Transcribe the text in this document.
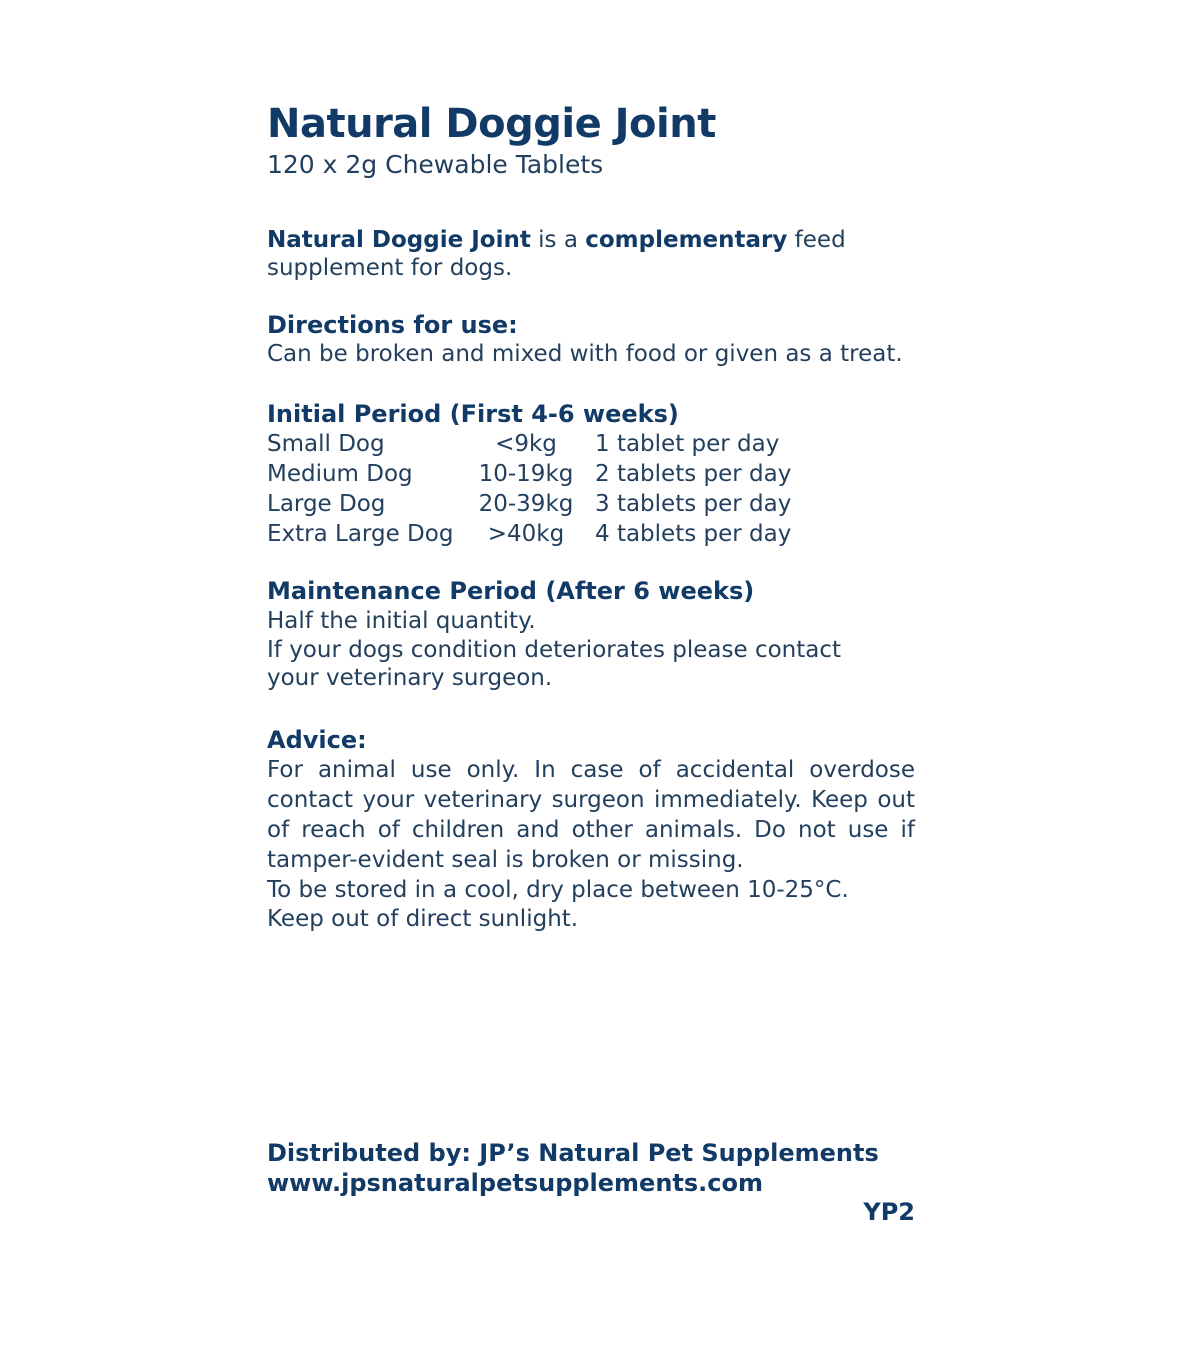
Natural Doggie Joint

120 x 2g Chewable Tablets

Natural Doggie Joint is a complementary feed supplement for dogs.
Directions for use:
Can be broken and mixed with food or given as a treat.
Initial Period (First 4-6 weeks)
Small Dog	<9kg	1 tablet per day
Medium Dog	10-19kg 2 tablets per day
Large Dog	20-39kg 3 tablets per day
Extra Large Dog	>40kg	4 tablets per day
Maintenance Period (After 6 weeks)
Half the initial quantity.
If your dogs condition deteriorates please contact your veterinary surgeon.
Advice:
For animal use only. In case of accidental overdose contact your veterinary surgeon immediately. Keep out of reach of children and other animals. Do not use if tamper-evident seal is broken or missing.
To be stored in a cool, dry place between 10-25°C.
Keep out of direct sunlight.
Distributed by: JP’s Natural Pet Supplements
www.jpsnaturalpetsupplements.com
YP2
